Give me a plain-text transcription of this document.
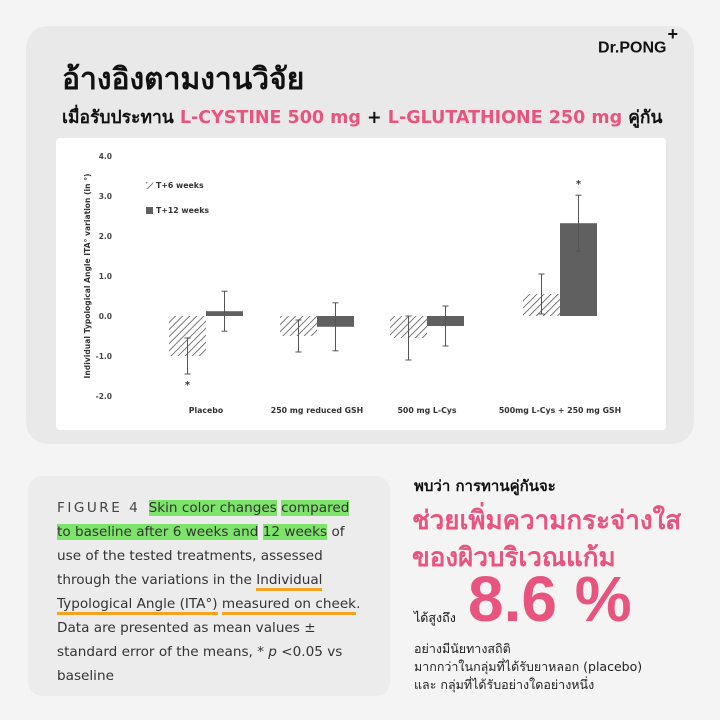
Dr.PONG+
อ้างอิงตามงานวิจัย
เมื่อรับประทาน L-CYSTINE 500 mg + L-GLUTATHIONE 250 mg คู่กัน
Individual Typological Angle ITA° variation (in °)
4.0
3.0
2.0
1.0
0.0
-1.0
-2.0
*
*
Placebo	250 mg reduced GSH	500 mg L-Cys	500mg L-Cys + 250 mg GSH
T+6 weeks
T+12 weeks
FIGURE 4 Skin color changes compared to baseline after 6 weeks and 12 weeks of use of the tested treatments, assessed through the variations in the Individual Typological Angle (ITA°) measured on cheek. Data are presented as mean values ± standard error of the means, * p <0.05 vs baseline
พบว่า การทานคู่กันจะ
ช่วยเพิ่มความกระจ่างใส
ของผิวบริเวณแก้ม
ได้สูงถึง 8.6 %
อย่างมีนัยทางสถิติ
มากกว่าในกลุ่มที่ได้รับยาหลอก (placebo)
และ กลุ่มที่ได้รับอย่างใดอย่างหนึ่ง
